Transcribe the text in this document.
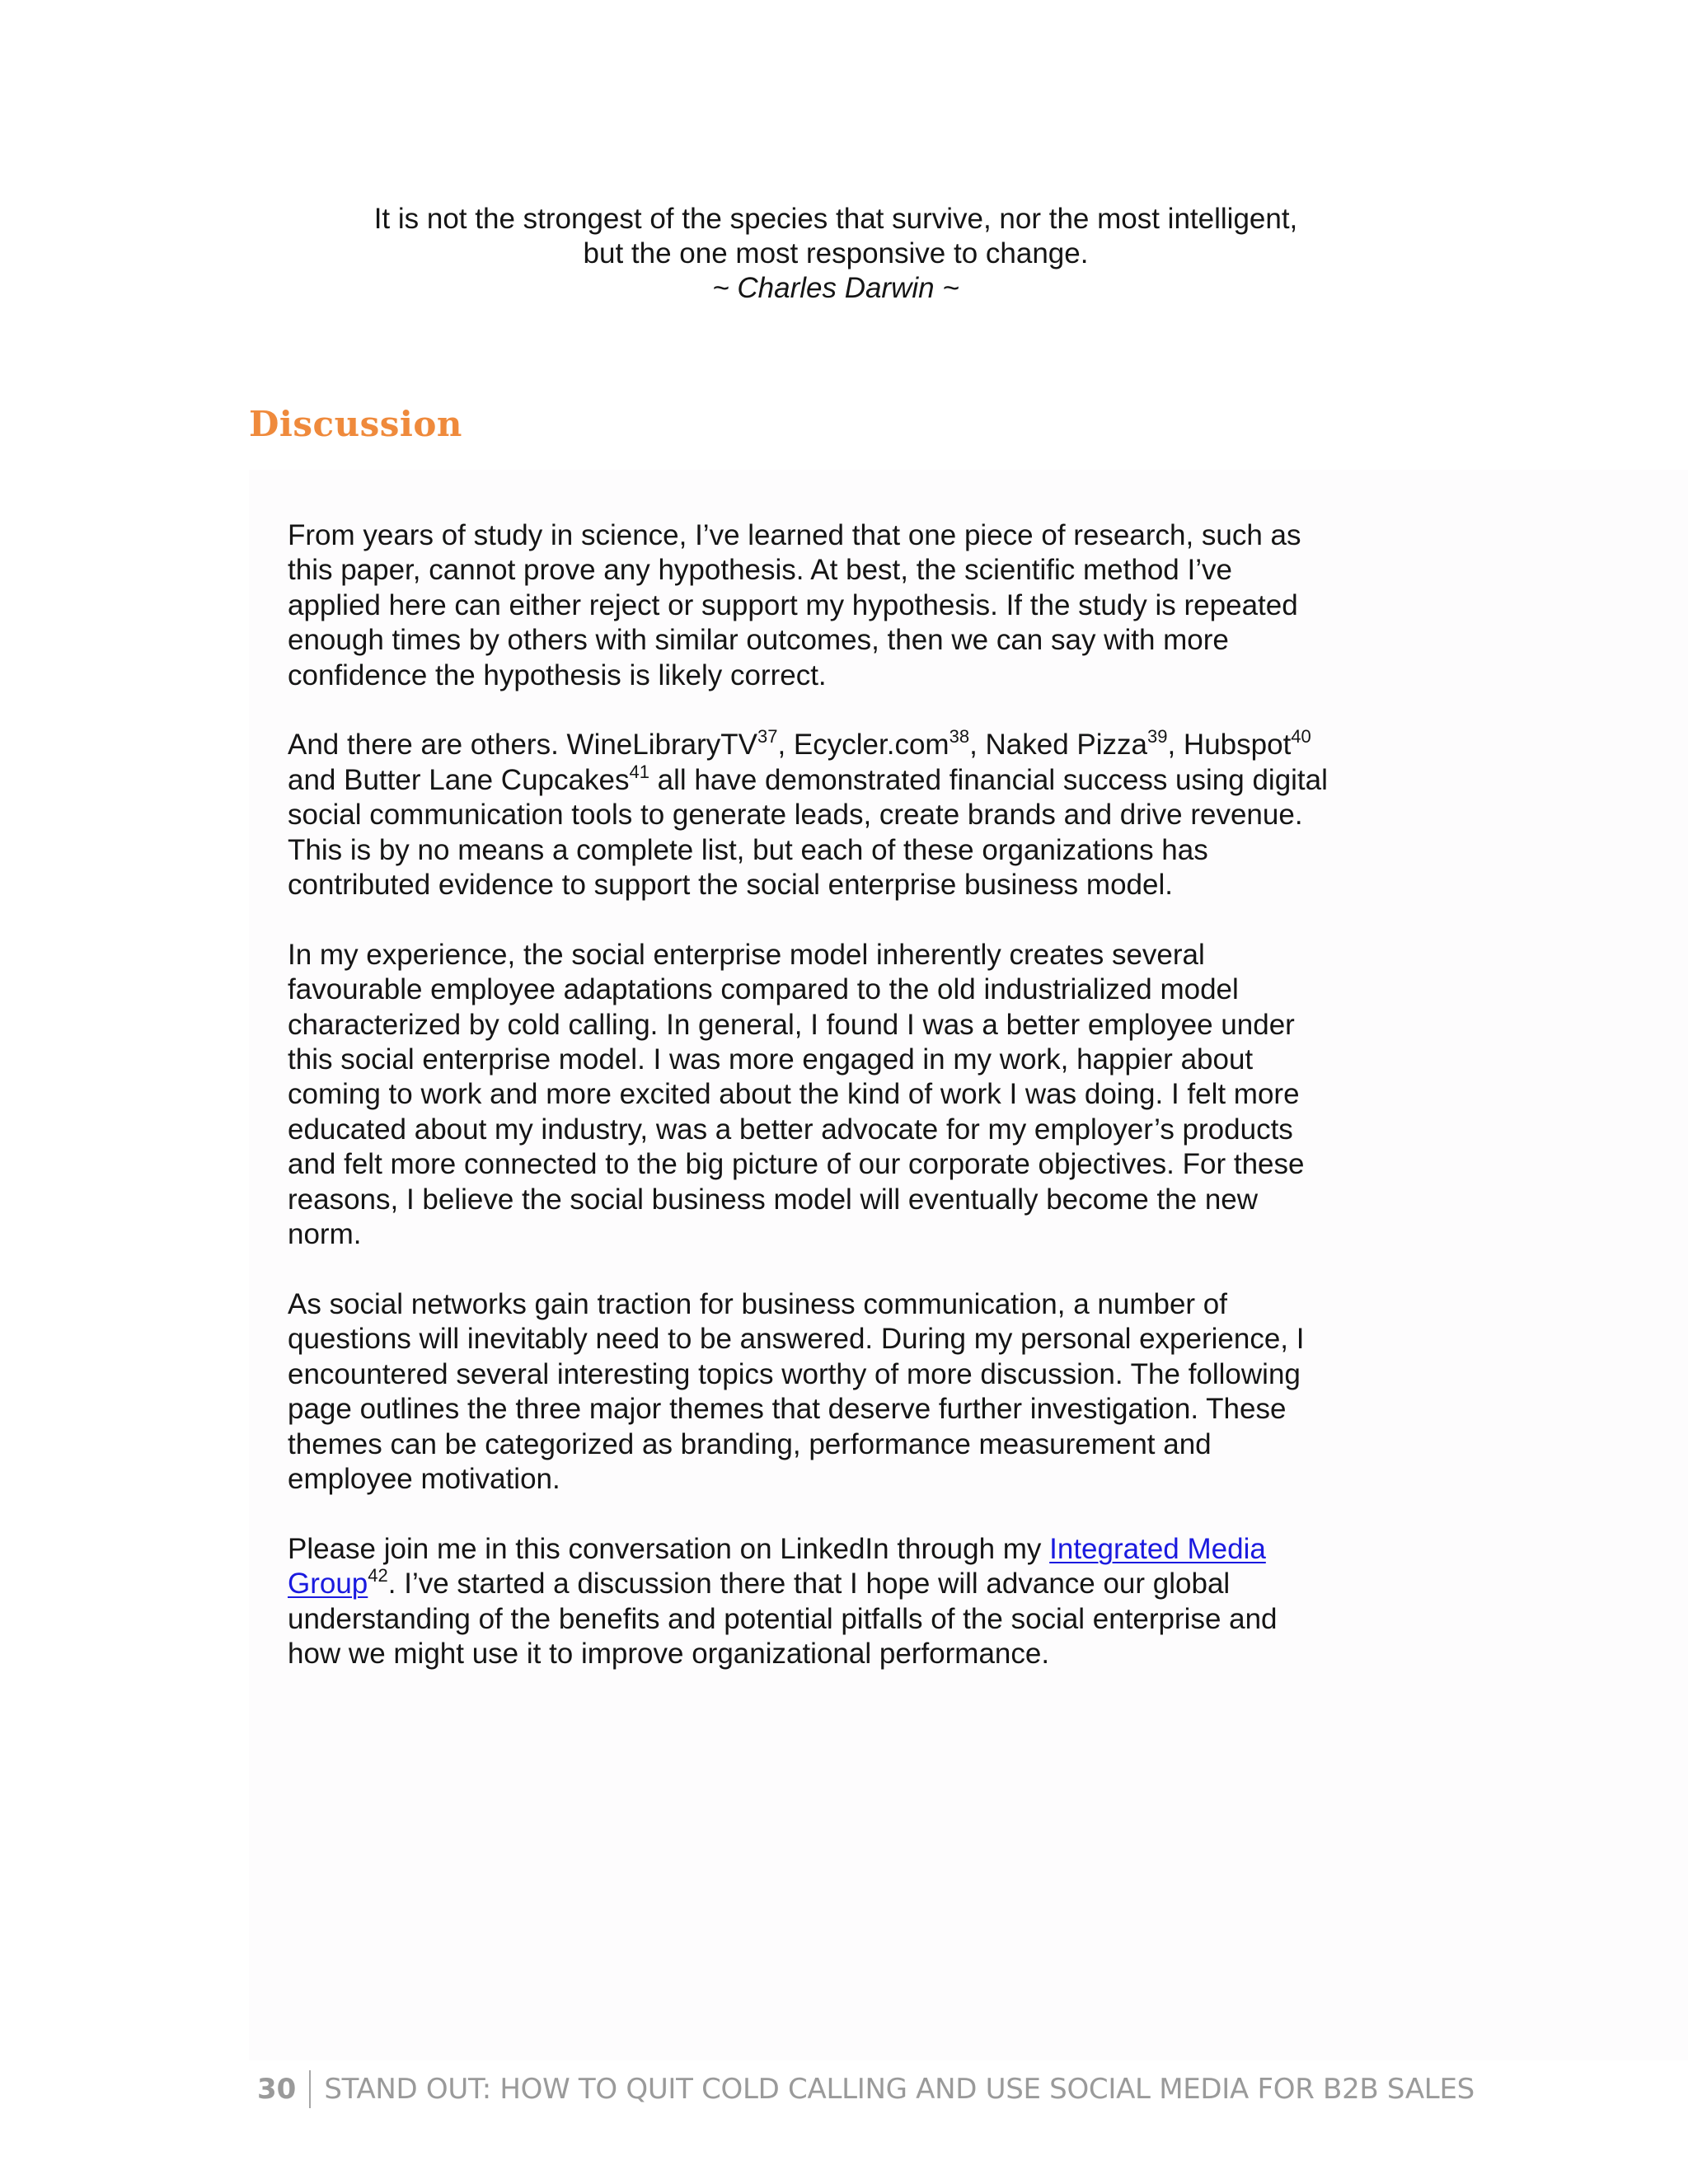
It is not the strongest of the species that survive, nor the most intelligent,
but the one most responsive to change.
~ Charles Darwin ~
Discussion

From years of study in science, I’ve learned that one piece of research, such as
this paper, cannot prove any hypothesis. At best, the scientific method I’ve
applied here can either reject or support my hypothesis. If the study is repeated
enough times by others with similar outcomes, then we can say with more
confidence the hypothesis is likely correct.

And there are others. WineLibraryTV$^{37}$, Ecycler.com$^{38}$, Naked Pizza$^{39}$, Hubspot$^{40}$
and Butter Lane Cupcakes$^{41}$ all have demonstrated financial success using digital
social communication tools to generate leads, create brands and drive revenue.
This is by no means a complete list, but each of these organizations has
contributed evidence to support the social enterprise business model.

In my experience, the social enterprise model inherently creates several
favourable employee adaptations compared to the old industrialized model
characterized by cold calling. In general, I found I was a better employee under
this social enterprise model. I was more engaged in my work, happier about
coming to work and more excited about the kind of work I was doing. I felt more
educated about my industry, was a better advocate for my employer’s products
and felt more connected to the big picture of our corporate objectives. For these
reasons, I believe the social business model will eventually become the new
norm.

As social networks gain traction for business communication, a number of
questions will inevitably need to be answered. During my personal experience, I
encountered several interesting topics worthy of more discussion. The following
page outlines the three major themes that deserve further investigation. These
themes can be categorized as branding, performance measurement and
employee motivation.

Please join me in this conversation on LinkedIn through my Integrated Media
Group$^{42}$. I’ve started a discussion there that I hope will advance our global
understanding of the benefits and potential pitfalls of the social enterprise and
how we might use it to improve organizational performance.

30	STAND OUT: HOW TO QUIT COLD CALLING AND USE SOCIAL MEDIA FOR B2B SALES
